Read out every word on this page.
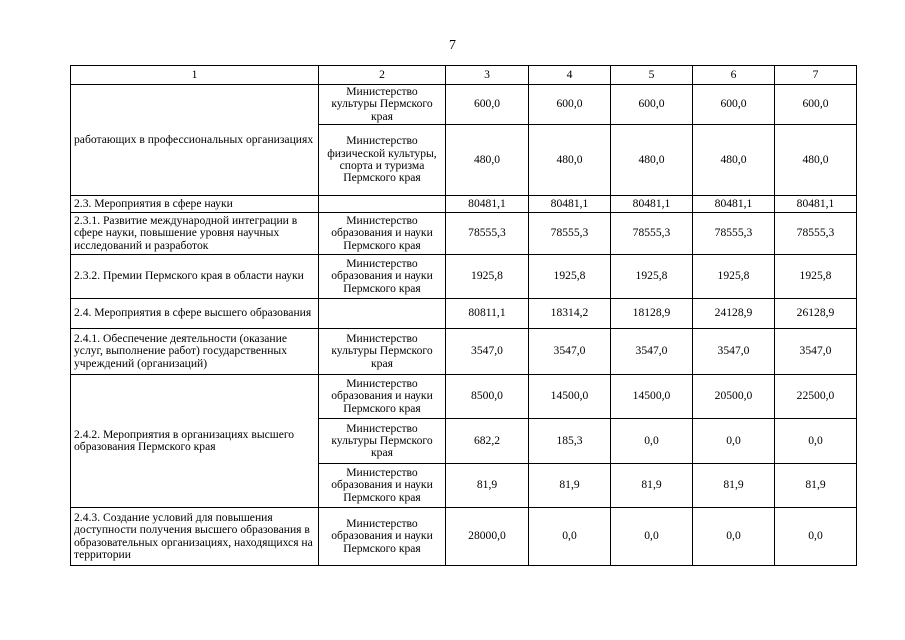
7
1	2	3	4	5	6	7
работающих в профессиональных организациях	Министерство культуры Пермского края	600,0	600,0	600,0	600,0	600,0
	Министерство физической культуры, спорта и туризма Пермского края	480,0	480,0	480,0	480,0	480,0
2.3. Мероприятия в сфере науки		80481,1	80481,1	80481,1	80481,1	80481,1
2.3.1. Развитие международной интеграции в сфере науки, повышение уровня научных исследований и разработок	Министерство образования и науки Пермского края	78555,3	78555,3	78555,3	78555,3	78555,3
2.3.2. Премии Пермского края в области науки	Министерство образования и науки Пермского края	1925,8	1925,8	1925,8	1925,8	1925,8
2.4. Мероприятия в сфере высшего образования		80811,1	18314,2	18128,9	24128,9	26128,9
2.4.1. Обеспечение деятельности (оказание услуг, выполнение работ) государственных учреждений (организаций)	Министерство культуры Пермского края	3547,0	3547,0	3547,0	3547,0	3547,0
2.4.2. Мероприятия в организациях высшего образования Пермского края	Министерство образования и науки Пермского края	8500,0	14500,0	14500,0	20500,0	22500,0
	Министерство культуры Пермского края	682,2	185,3	0,0	0,0	0,0
	Министерство образования и науки Пермского края	81,9	81,9	81,9	81,9	81,9
2.4.3. Создание условий для повышения доступности получения высшего образования в образовательных организациях, находящихся на территории	Министерство образования и науки Пермского края	28000,0	0,0	0,0	0,0	0,0
